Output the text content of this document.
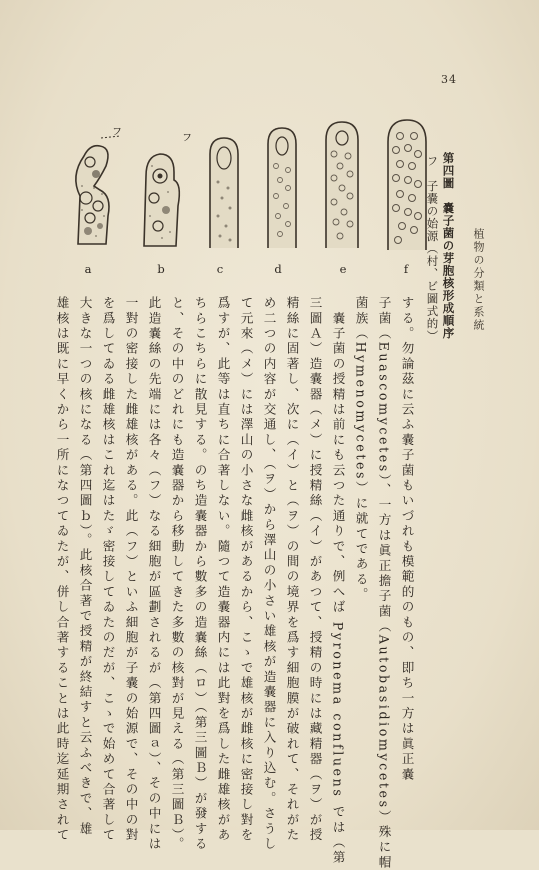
34
植物の分類と系統
第四圖　嚢子菌の芽胞核形成順序
フ　子嚢の始源（村、ビ圖式的）
フ
フ
a	b	c	d	e	f
する。勿論茲に云ふ嚢子菌もいづれも模範的のもの、即ち一方は眞正嚢
子菌（Euascomycetes）、一方は眞正擔子菌（Autobasidiomycetes）殊に帽
菌族（Hymenomycetes）に就てである。
　嚢子菌の授精は前にも云つた通りで、例へば Pyronema confluens では（第
三圖Ａ）造嚢器（メ）に授精絲（イ）があつて、授精の時には藏精器（ヲ）が授
精絲に固著し、次に（イ）と（ヲ）の間の境界を爲す細胞膜が破れて、それがた
め二つの内容が交通し、（ヲ）から澤山の小さい雄核が造嚢器に入り込む。さうし
て元來（メ）には澤山の小さな雌核があるから、こゝで雄核が雌核に密接し對を
爲すが、此等は直ちに合著しない。隨つて造嚢器内には此對を爲した雌雄核があ
ちらこちらに散見する。のち造嚢器から數多の造嚢絲（ロ）（第三圖Ｂ）が發する
と、その中のどれにも造嚢器から移動してきた多數の核對が見える（第三圖Ｂ）。
此造嚢絲の先端には各々（フ）なる細胞が區劃されるが（第四圖ａ）、その中には
一對の密接した雌雄核がある。此（フ）といふ細胞が子嚢の始源で、その中の對
を爲してゐる雌雄核はこれ迄はたゞ密接してゐたのだが、こゝで始めて合著して
大きな一つの核になる（第四圖ｂ）。此核合著で授精が終結すと云ふべきで、雄
雄核は既に早くから一所になつてゐたが、併し合著することは此時迄延期されて
